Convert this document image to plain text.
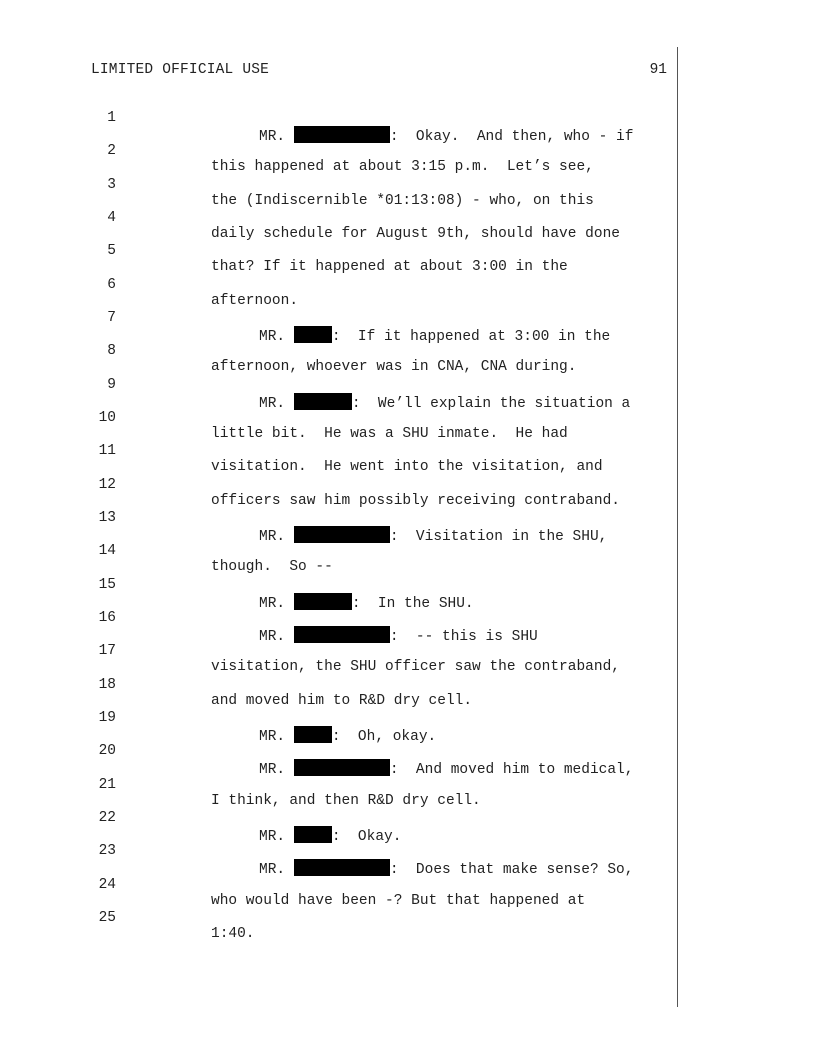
LIMITED OFFICIAL USE	91

1

MR.	:  Okay.  And then, who - if

2

this happened at about 3:15 p.m.  Let’s see,

3

the (Indiscernible *01:13:08) - who, on this

4

daily schedule for August 9th, should have done

5

that? If it happened at about 3:00 in the

6

afternoon.

7

MR.	:  If it happened at 3:00 in the

8

afternoon, whoever was in CNA, CNA during.

9

MR.	:  We’ll explain the situation a

10

little bit.  He was a SHU inmate.  He had

11

visitation.  He went into the visitation, and

12

officers saw him possibly receiving contraband.

13

MR.	:  Visitation in the SHU,

14

though.  So --

15

MR.	:  In the SHU.

16

MR.	:  -- this is SHU

17

visitation, the SHU officer saw the contraband,

18

and moved him to R&D dry cell.

19

MR.	:  Oh, okay.

20

MR.	:  And moved him to medical,

21

I think, and then R&D dry cell.

22

MR.	:  Okay.

23

MR.	:  Does that make sense? So,

24

who would have been -? But that happened at

25

1:40.
